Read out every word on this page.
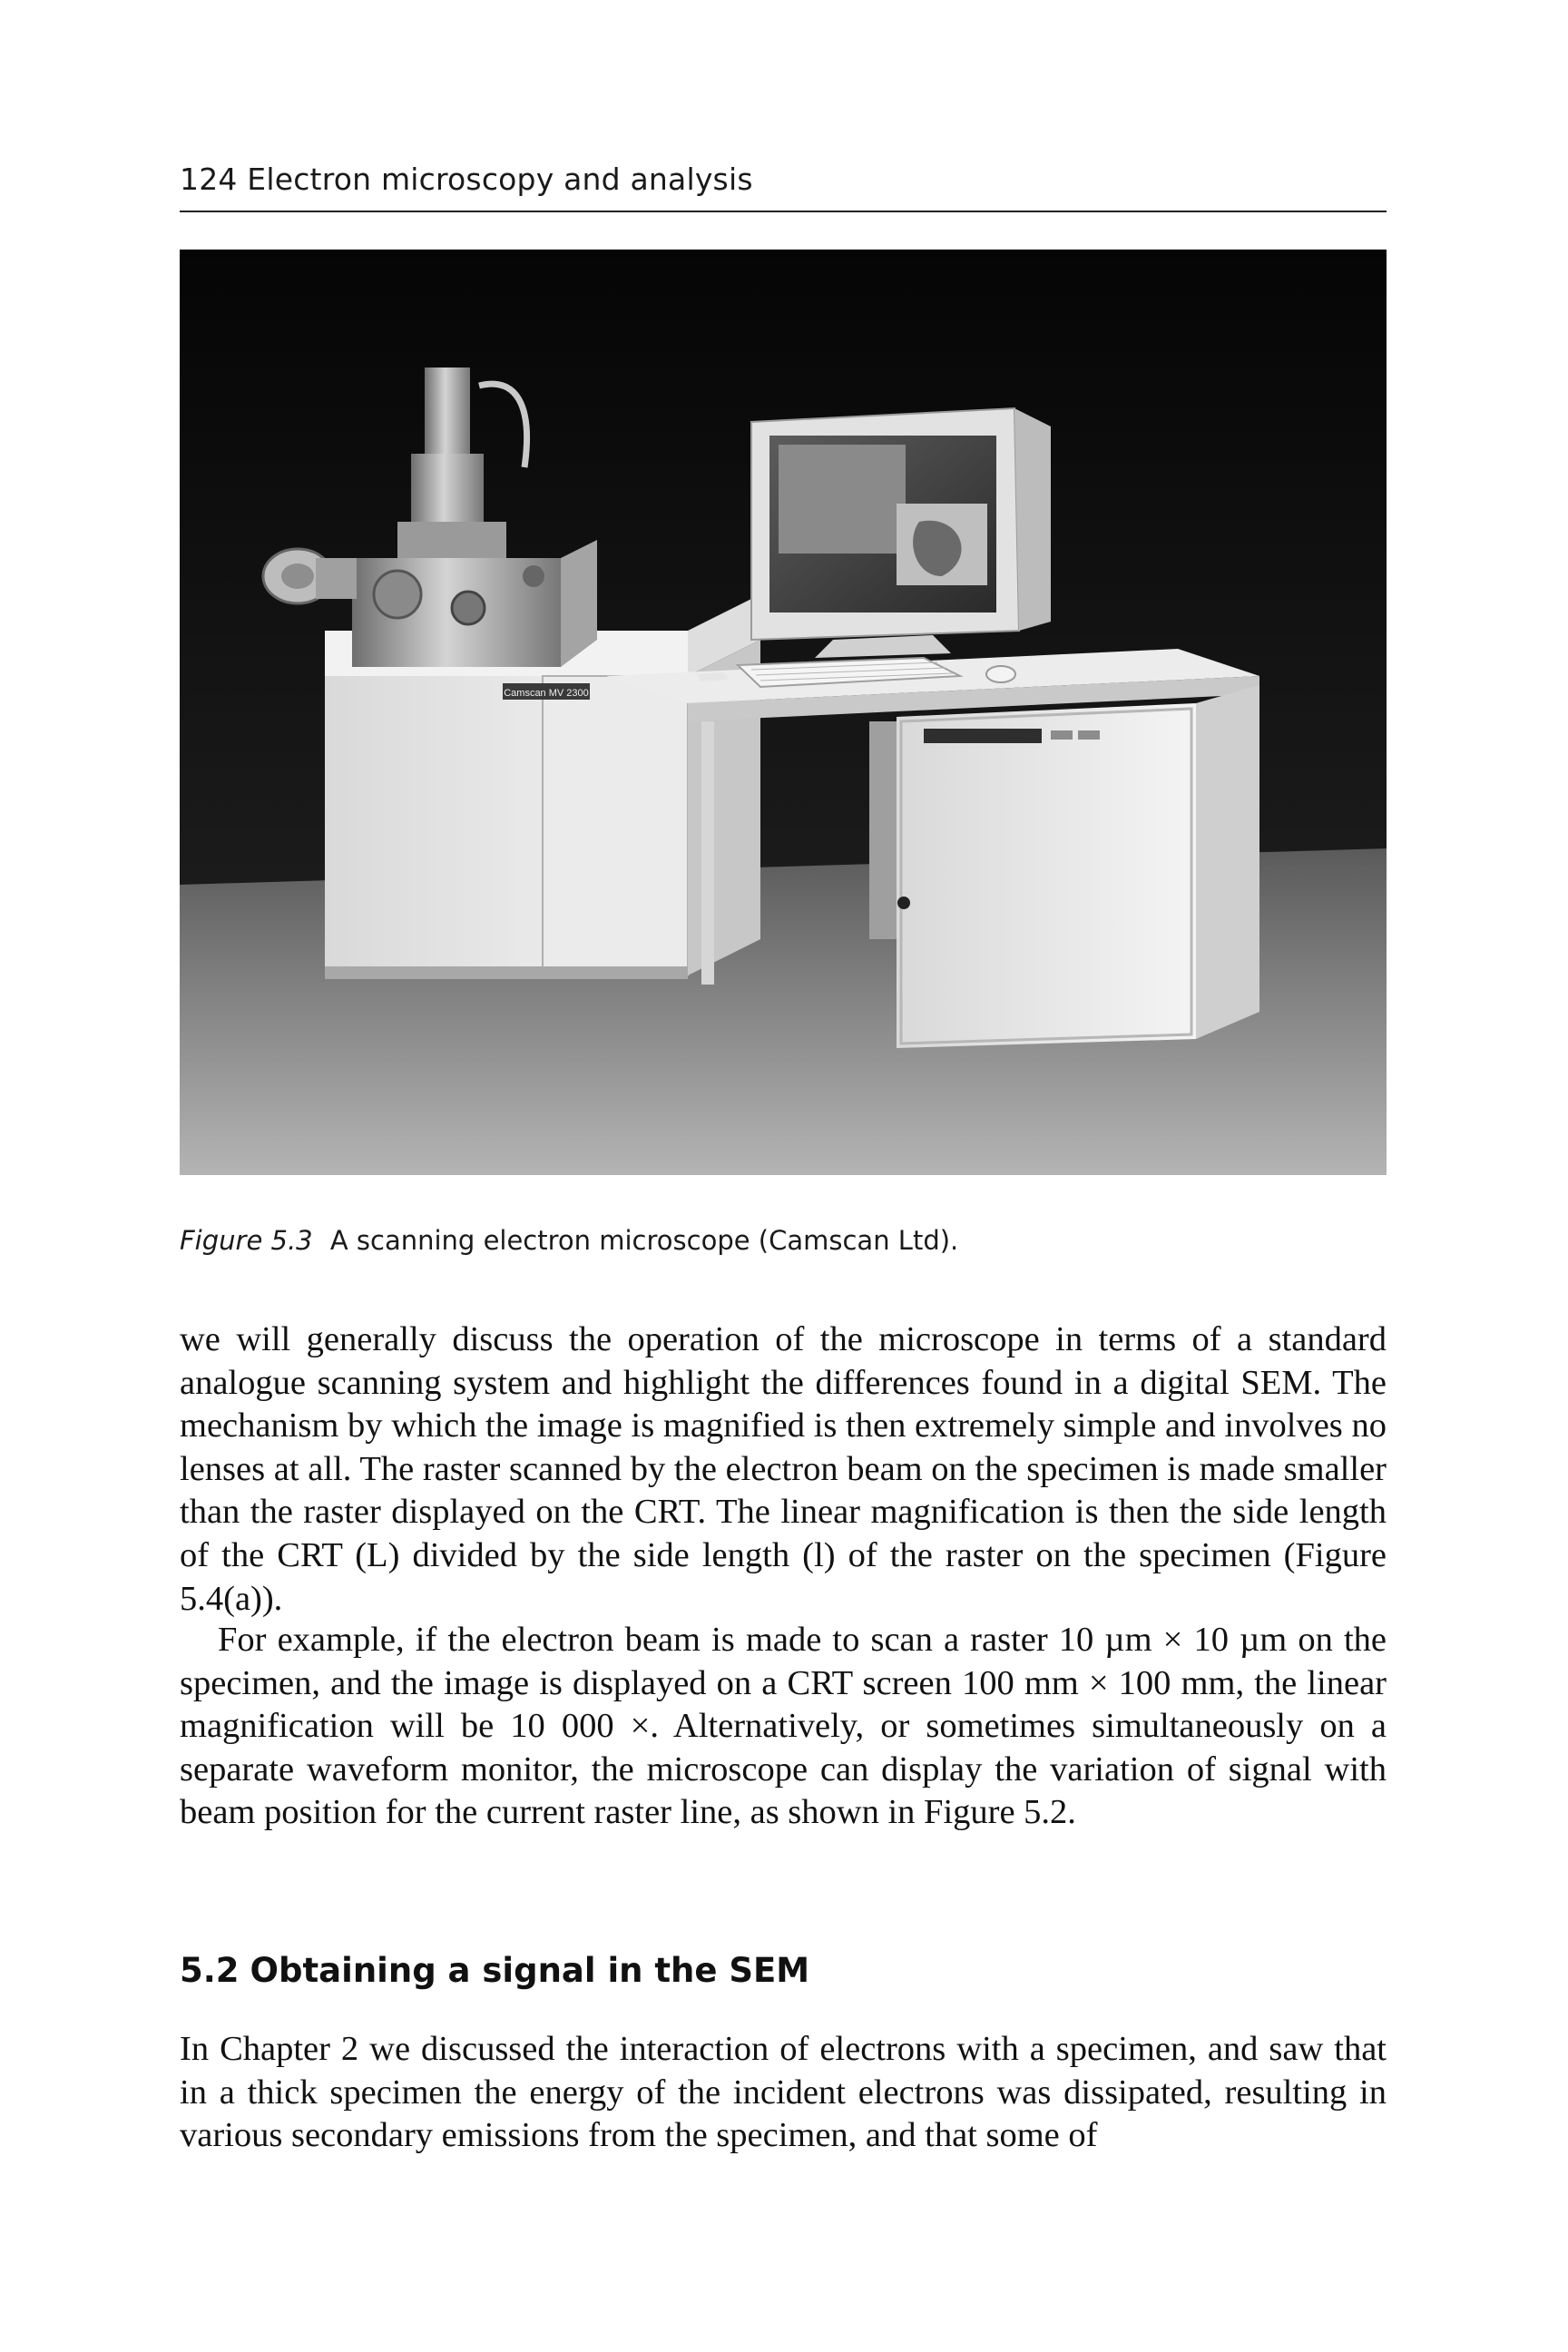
124 Electron microscopy and analysis
Camscan MV 2300
Figure 5.3 A scanning electron microscope (Camscan Ltd).

we will generally discuss the operation of the microscope in terms of a standard analogue scanning system and highlight the differences found in a digital SEM. The mechanism by which the image is magnified is then extremely simple and involves no lenses at all. The raster scanned by the electron beam on the specimen is made smaller than the raster displayed on the CRT. The linear magnification is then the side length of the CRT (L) divided by the side length (l) of the raster on the specimen (Figure 5.4(a)).

For example, if the electron beam is made to scan a raster 10 µm × 10 µm on the specimen, and the image is displayed on a CRT screen 100 mm × 100 mm, the linear magnification will be 10 000 ×. Alternatively, or sometimes simultaneously on a separate waveform monitor, the microscope can display the variation of signal with beam position for the current raster line, as shown in Figure 5.2.

5.2 Obtaining a signal in the SEM

In Chapter 2 we discussed the interaction of electrons with a specimen, and saw that in a thick specimen the energy of the incident electrons was dissipated, resulting in various secondary emissions from the specimen, and that some of
